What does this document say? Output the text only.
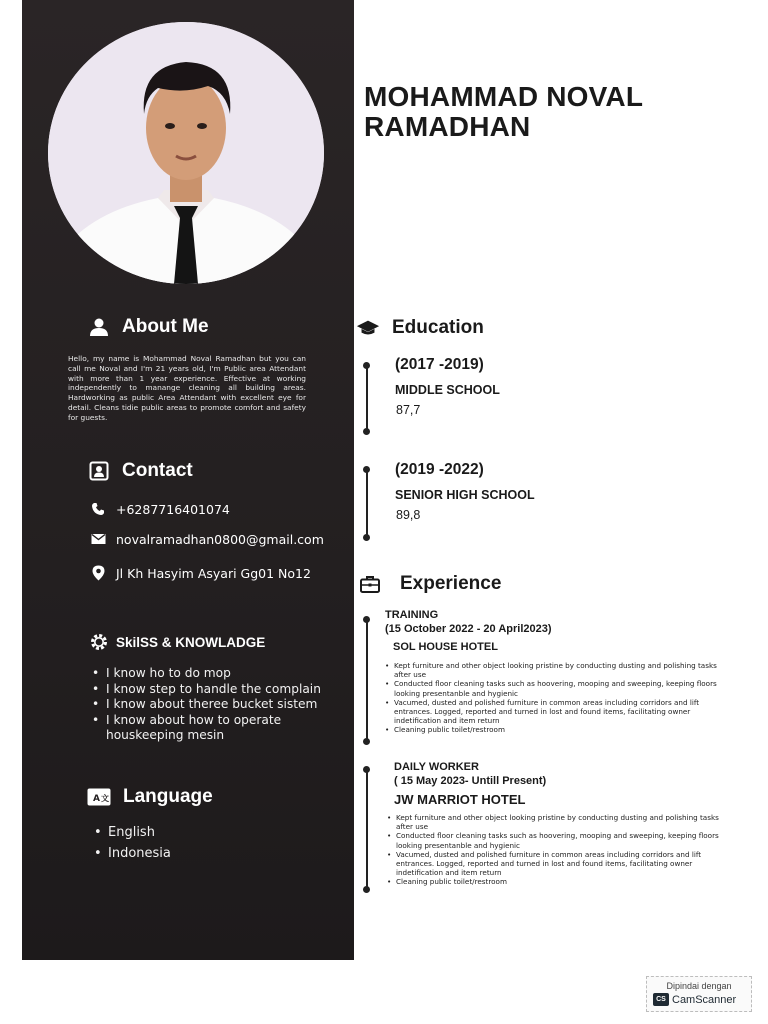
About Me

Hello, my name is Mohammad Noval Ramadhan but you can call me Noval and I'm 21 years old, I'm Public area Attendant with more than 1 year experience. Effective at working independently to manange cleaning all building areas. Hardworking as public Area Attendant with excellent eye for detail. Cleans tidie public areas to promote comfort and safety for guests.

Contact
+6287716401074
novalramadhan0800@gmail.com
Jl Kh Hasyim Asyari Gg01 No12
SkilSS & KNOWLADGE
• I know ho to do mop
• I know step to handle the complain
• I know about theree bucket sistem
• I know about how to operate houskeeping mesin
A 文 Language
• English
• Indonesia
MOHAMMAD NOVAL
RAMADHAN
Education

(2017 -2019)

MIDDLE SCHOOL

87,7

(2019 -2022)

SENIOR HIGH SCHOOL

89,8

Experience

TRAINING

(15 October 2022 - 20 April2023)

SOL HOUSE HOTEL

• Kept furniture and other object looking pristine by conducting dusting and polishing tasks after use
• Conducted floor cleaning tasks such as hoovering, mooping and sweeping, keeping floors looking presentanble and hygienic
• Vacumed, dusted and polished furniture in common areas including corridors and lift entrances. Logged, reported and turned in lost and found items, facilitating owner indetification and item return
• Cleaning public toilet/restroom

DAILY WORKER

( 15 May 2023- Untill Present)

JW MARRIOT HOTEL

• Kept furniture and other object looking pristine by conducting dusting and polishing tasks after use
• Conducted floor cleaning tasks such as hoovering, mooping and sweeping, keeping floors looking presentanble and hygienic
• Vacumed, dusted and polished furniture in common areas including corridors and lift entrances. Logged, reported and turned in lost and found items, facilitating owner indetification and item return
• Cleaning public toilet/restroom
Dipindai dengan
CS CamScanner
